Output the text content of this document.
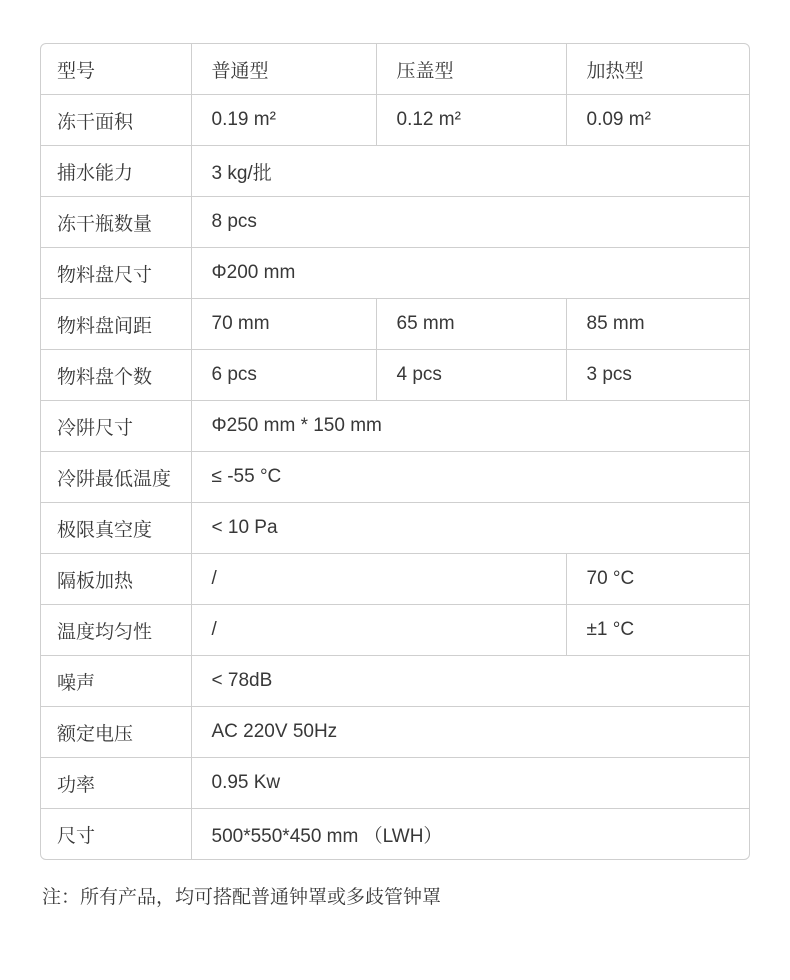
型号	普通型	压盖型	加热型
冻干面积	0.19 m²	0.12 m²	0.09 m²
捕水能力	3 kg/批		
冻干瓶数量	8 pcs		
物料盘尺寸	Φ200 mm		
物料盘间距	70 mm	65 mm	85 mm
物料盘个数	6 pcs	4 pcs	3 pcs
冷阱尺寸	Φ250 mm * 150 mm		
冷阱最低温度	≤ -55 °C		
极限真空度	< 10 Pa		
隔板加热	/		70 °C
温度均匀性	/		±1 °C
噪声	< 78dB		
额定电压	AC 220V 50Hz		
功率	0.95 Kw		
尺寸	500*550*450 mm （LWH）		

注：所有产品，均可搭配普通钟罩或多歧管钟罩
